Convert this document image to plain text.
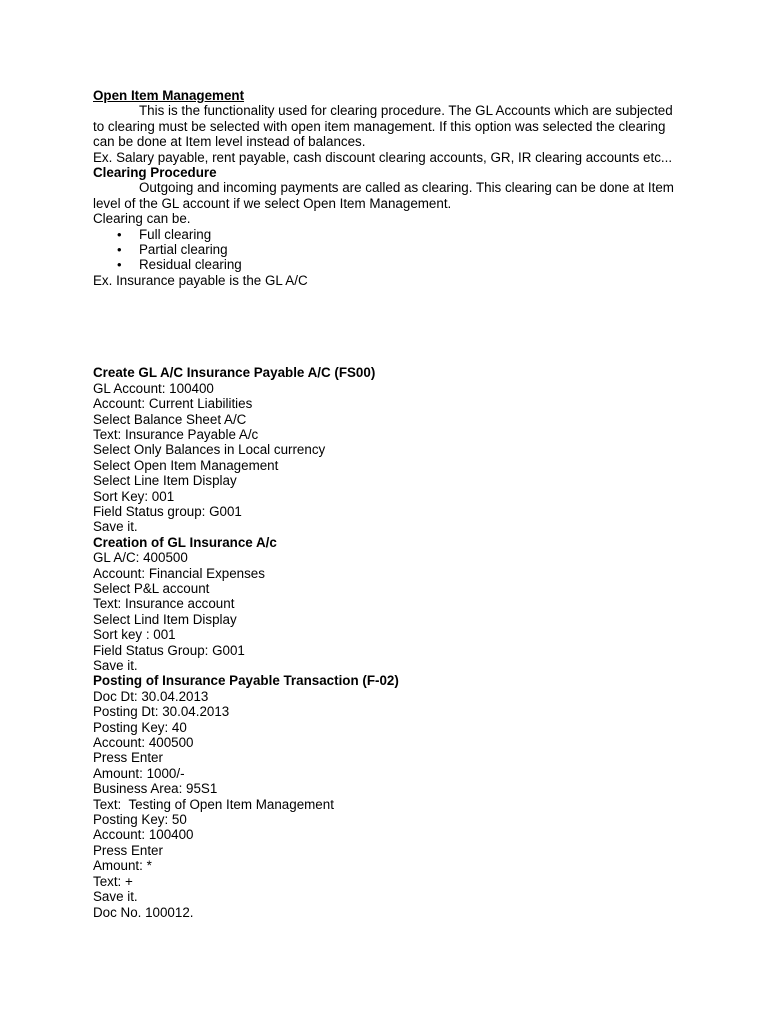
Open Item Management

This is the functionality used for clearing procedure. The GL Accounts which are subjected to clearing must be selected with open item management. If this option was selected the clearing can be done at Item level instead of balances.

Ex. Salary payable, rent payable, cash discount clearing accounts, GR, IR clearing accounts etc...

Clearing Procedure

Outgoing and incoming payments are called as clearing. This clearing can be done at Item level of the GL account if we select Open Item Management.

Clearing can be.

• Full clearing
• Partial clearing
• Residual clearing

Ex. Insurance payable is the GL A/C

Create GL A/C Insurance Payable A/C (FS00)

GL Account: 100400

Account: Current Liabilities

Select Balance Sheet A/C

Text: Insurance Payable A/c

Select Only Balances in Local currency

Select Open Item Management

Select Line Item Display

Sort Key: 001

Field Status group: G001

Save it.

Creation of GL Insurance A/c

GL A/C: 400500

Account: Financial Expenses

Select P&L account

Text: Insurance account

Select Lind Item Display

Sort key : 001

Field Status Group: G001

Save it.

Posting of Insurance Payable Transaction (F-02)

Doc Dt: 30.04.2013

Posting Dt: 30.04.2013

Posting Key: 40

Account: 400500

Press Enter

Amount: 1000/-

Business Area: 95S1

Text:  Testing of Open Item Management

Posting Key: 50

Account: 100400

Press Enter

Amount: *

Text: +

Save it.

Doc No. 100012.
